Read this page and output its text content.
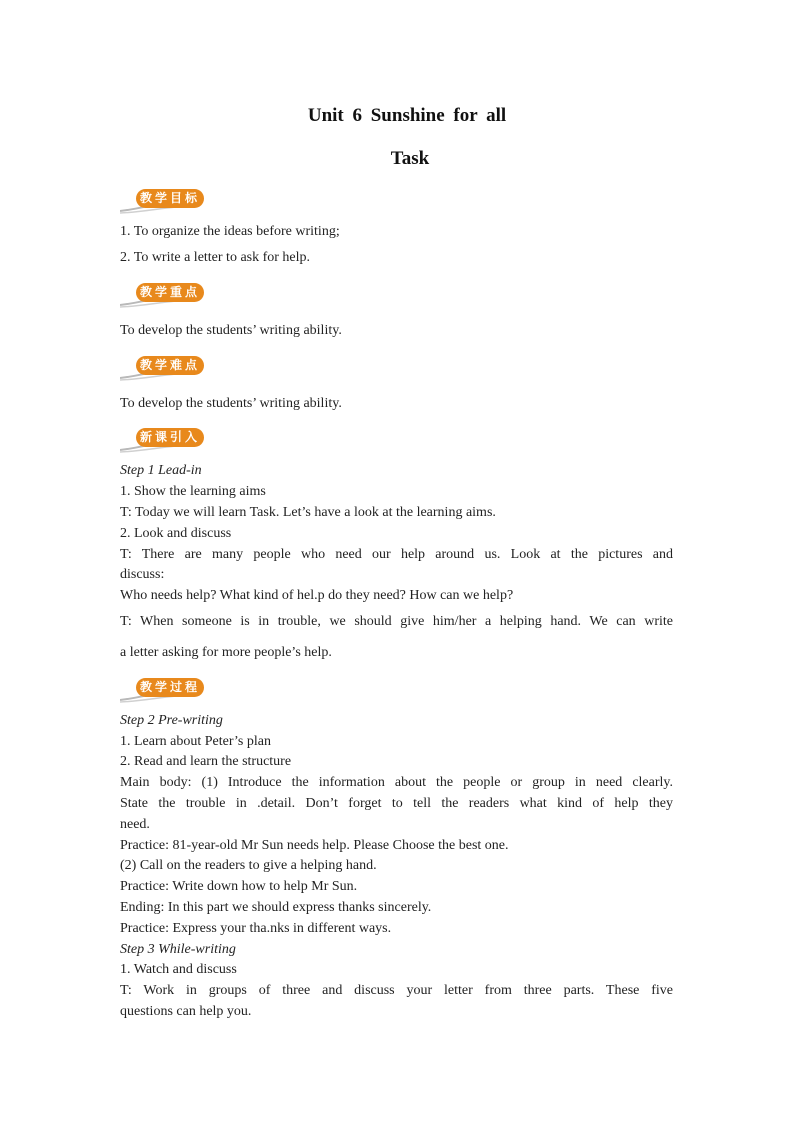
Unit 6 Sunshine for all
Task
教学目标
1. To organize the ideas before writing;
2. To write a letter to ask for help.
教学重点
To develop the students’ writing ability.
教学难点
To develop the students’ writing ability.
新课引入
Step 1 Lead-in
1. Show the learning aims
T: Today we will learn Task. Let’s have a look at the learning aims.
2. Look and discuss
T: There are many people who need our help around us. Look at the pictures and
discuss:
Who needs help? What kind of hel.p do they need? How can we help?
T: When someone is in trouble, we should give him/her a helping hand. We can write
a letter asking for more people’s help.
教学过程
Step 2 Pre-writing
1. Learn about Peter’s plan
2. Read and learn the structure
Main body: (1) Introduce the information about the people or group in need clearly.
State the trouble in .detail. Don’t forget to tell the readers what kind of help they
need.
Practice: 81-year-old Mr Sun needs help. Please Choose the best one.
(2) Call on the readers to give a helping hand.
Practice: Write down how to help Mr Sun.
Ending: In this part we should express thanks sincerely.
Practice: Express your tha.nks in different ways.
Step 3 While-writing
1. Watch and discuss
T: Work in groups of three and discuss your letter from three parts. These five
questions can help you.
